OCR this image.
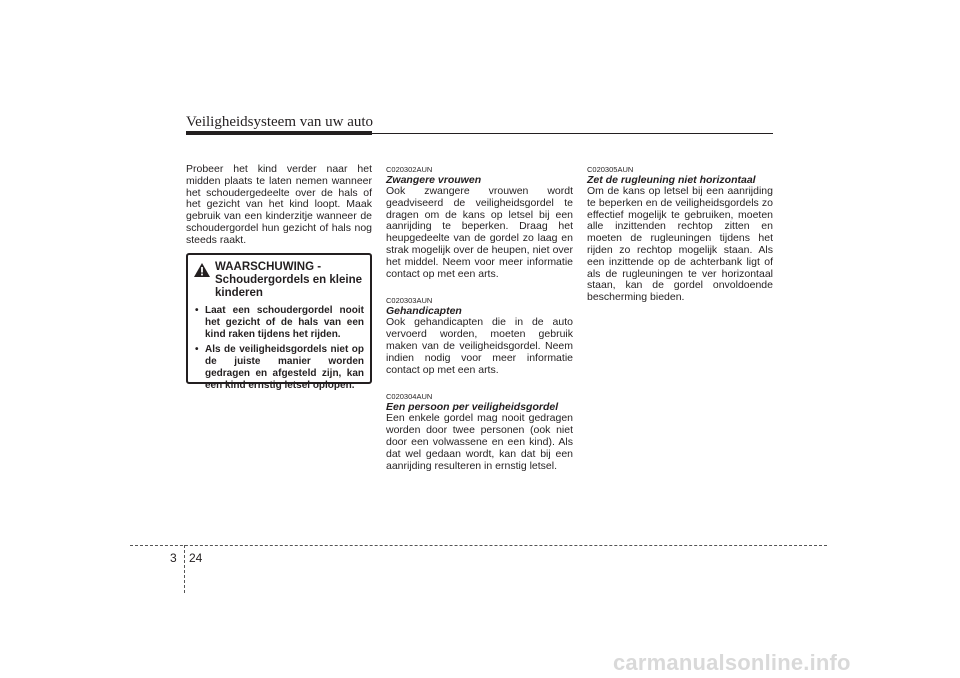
Veiligheidsysteem van uw auto

Probeer het kind verder naar het midden plaats te laten nemen wanneer het schoudergedeelte over de hals of het gezicht van het kind loopt. Maak gebruik van een kinderzitje wanneer de schoudergordel hun gezicht of hals nog steeds raakt.

WAARSCHUWING - Schoudergordels en kleine kinderen
• Laat een schoudergordel nooit het gezicht of de hals van een kind raken tijdens het rijden.
• Als de veiligheidsgordels niet op de juiste manier worden gedragen en afgesteld zijn, kan een kind ernstig letsel oplopen.

C020302AUN

Zwangere vrouwen

Ook zwangere vrouwen wordt geadviseerd de veiligheidsgordel te dragen om de kans op letsel bij een aanrijding te beperken. Draag het heupgedeelte van de gordel zo laag en strak mogelijk over de heupen, niet over het middel. Neem voor meer informatie contact op met een arts.

C020303AUN

Gehandicapten

Ook gehandicapten die in de auto vervoerd worden, moeten gebruik maken van de veiligheidsgordel. Neem indien nodig voor meer informatie contact op met een arts.

C020304AUN

Een persoon per veiligheidsgordel

Een enkele gordel mag nooit gedragen worden door twee personen (ook niet door een volwassene en een kind). Als dat wel gedaan wordt, kan dat bij een aanrijding resulteren in ernstig letsel.

C020305AUN

Zet de rugleuning niet horizontaal

Om de kans op letsel bij een aanrijding te beperken en de veiligheidsgordels zo effectief mogelijk te gebruiken, moeten alle inzittenden rechtop zitten en moeten de rugleuningen tijdens het rijden zo rechtop mogelijk staan. Als een inzittende op de achterbank ligt of als de rugleuningen te ver horizontaal staan, kan de gordel onvoldoende bescherming bieden.

3 24
carmanualsonline.info
